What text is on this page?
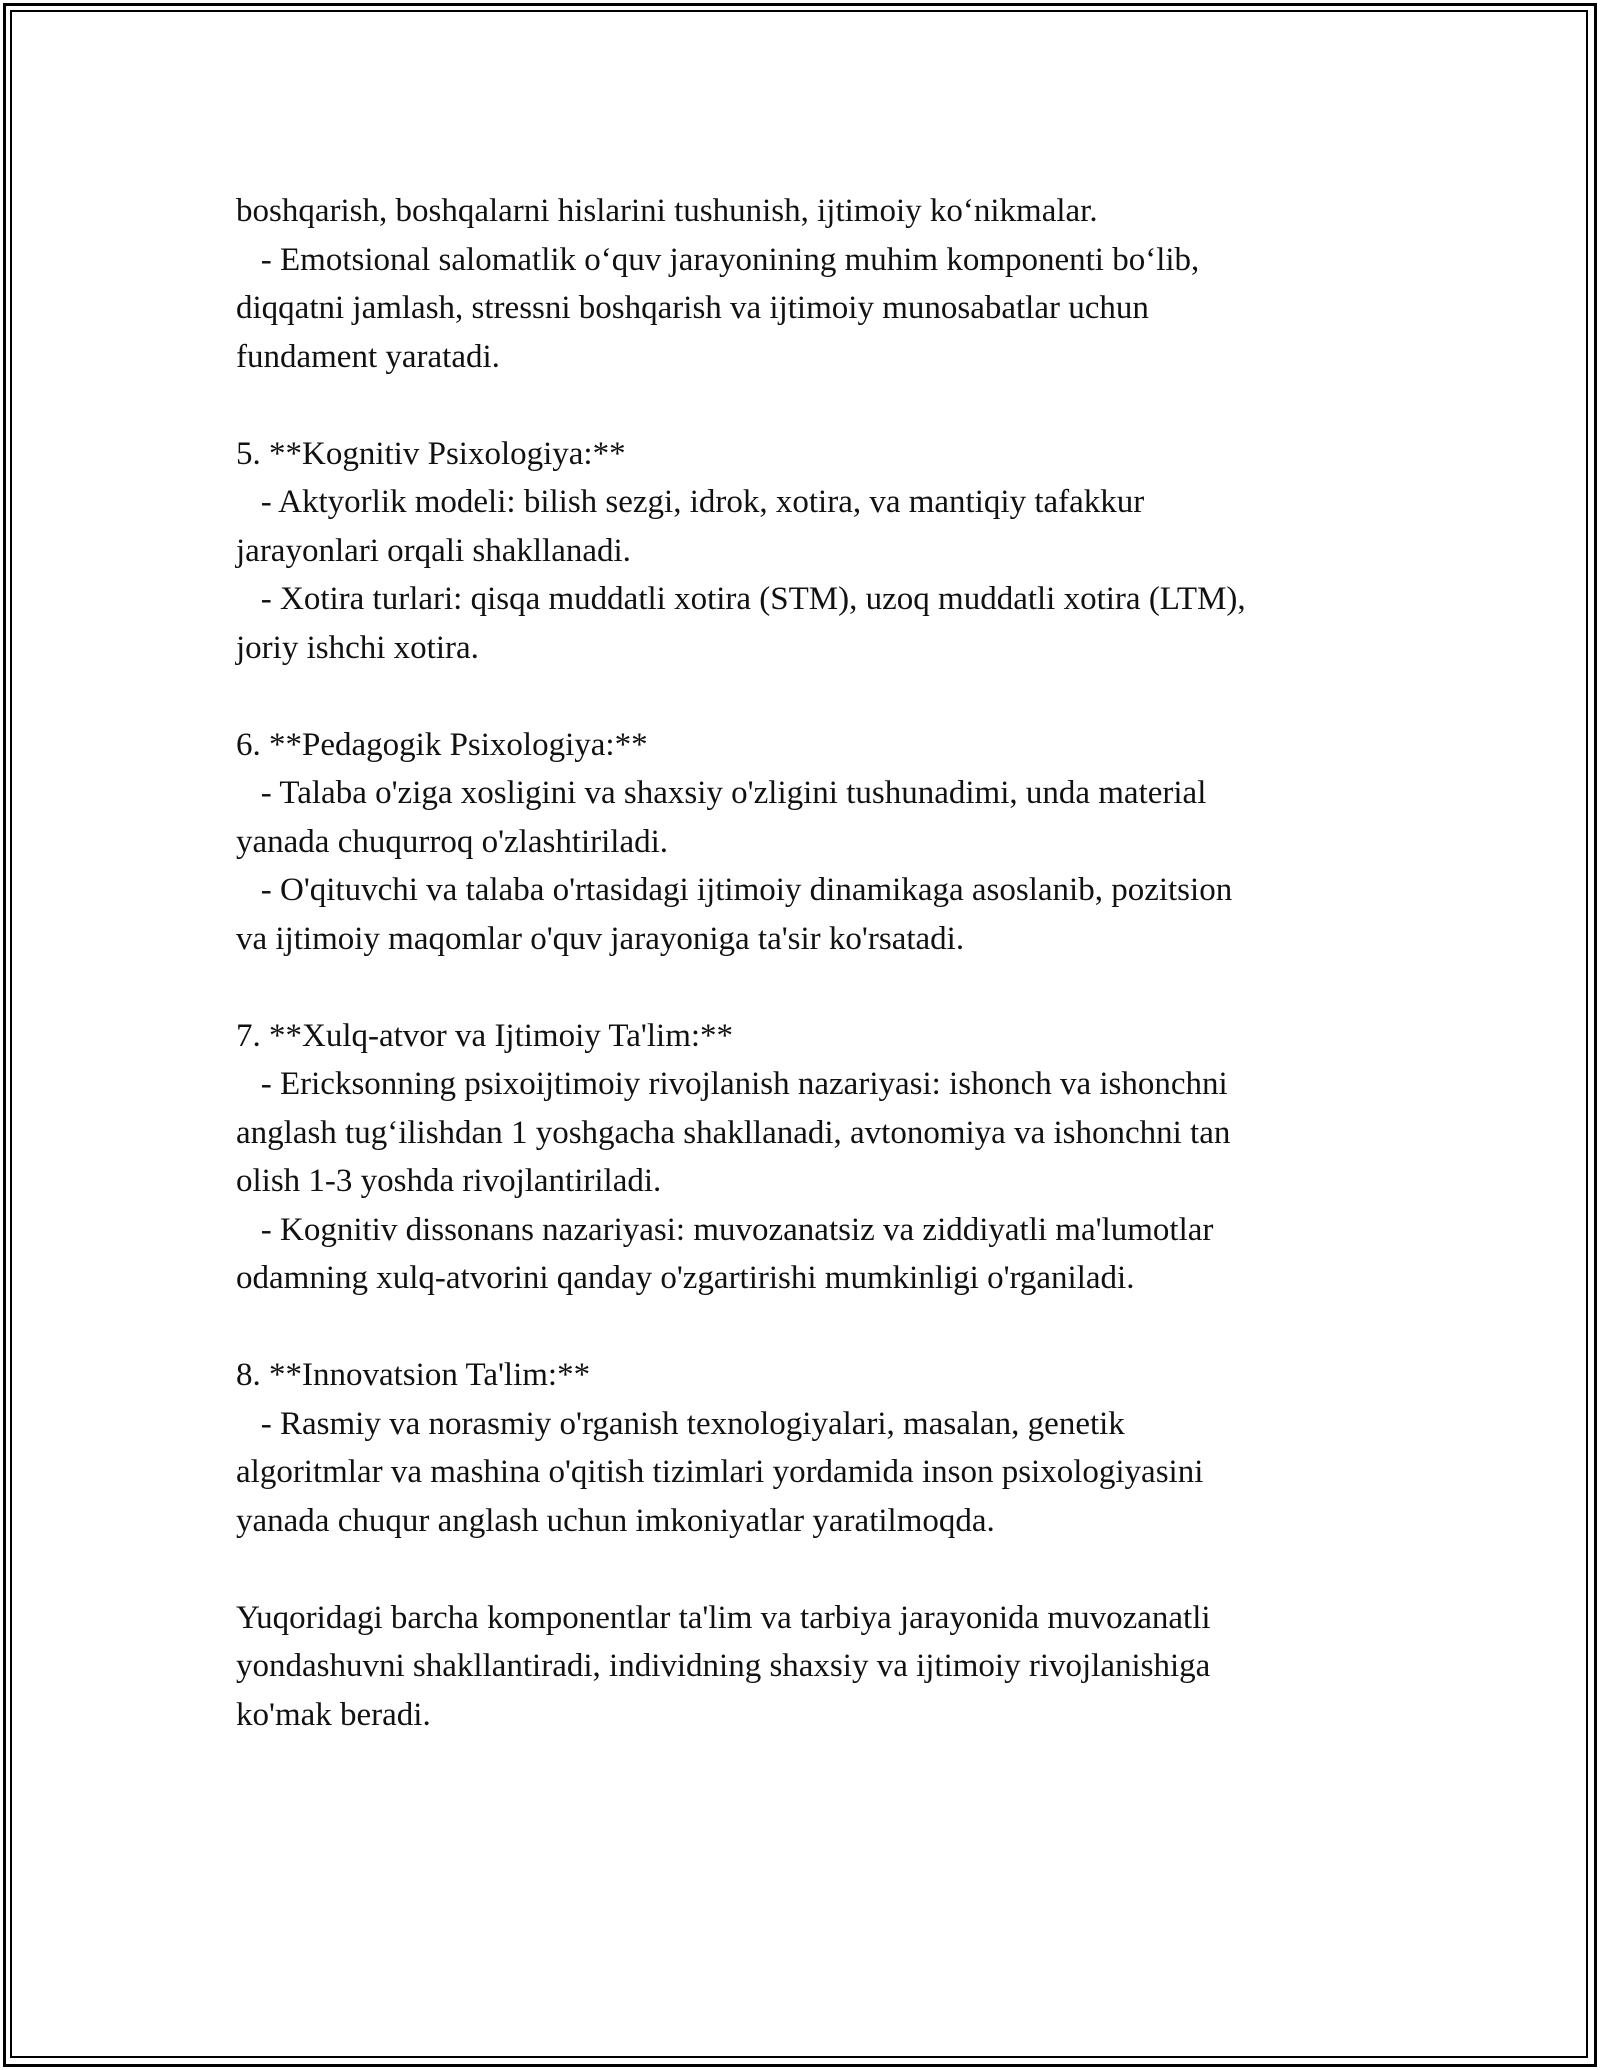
boshqarish, boshqalarni hislarini tushunish, ijtimoiy ko‘nikmalar.
- Emotsional salomatlik o‘quv jarayonining muhim komponenti bo‘lib,
diqqatni jamlash, stressni boshqarish va ijtimoiy munosabatlar uchun
fundament yaratadi.
5. **Kognitiv Psixologiya:**
- Aktyorlik modeli: bilish sezgi, idrok, xotira, va mantiqiy tafakkur
jarayonlari orqali shakllanadi.
- Xotira turlari: qisqa muddatli xotira (STM), uzoq muddatli xotira (LTM),
joriy ishchi xotira.
6. **Pedagogik Psixologiya:**
- Talaba o'ziga xosligini va shaxsiy o'zligini tushunadimi, unda material
yanada chuqurroq o'zlashtiriladi.
- O'qituvchi va talaba o'rtasidagi ijtimoiy dinamikaga asoslanib, pozitsion
va ijtimoiy maqomlar o'quv jarayoniga ta'sir ko'rsatadi.
7. **Xulq-atvor va Ijtimoiy Ta'lim:**
- Ericksonning psixoijtimoiy rivojlanish nazariyasi: ishonch va ishonchni
anglash tug‘ilishdan 1 yoshgacha shakllanadi, avtonomiya va ishonchni tan
olish 1-3 yoshda rivojlantiriladi.
- Kognitiv dissonans nazariyasi: muvozanatsiz va ziddiyatli ma'lumotlar
odamning xulq-atvorini qanday o'zgartirishi mumkinligi o'rganiladi.
8. **Innovatsion Ta'lim:**
- Rasmiy va norasmiy o'rganish texnologiyalari, masalan, genetik
algoritmlar va mashina o'qitish tizimlari yordamida inson psixologiyasini
yanada chuqur anglash uchun imkoniyatlar yaratilmoqda.
Yuqoridagi barcha komponentlar ta'lim va tarbiya jarayonida muvozanatli
yondashuvni shakllantiradi, individning shaxsiy va ijtimoiy rivojlanishiga
ko'mak beradi.
